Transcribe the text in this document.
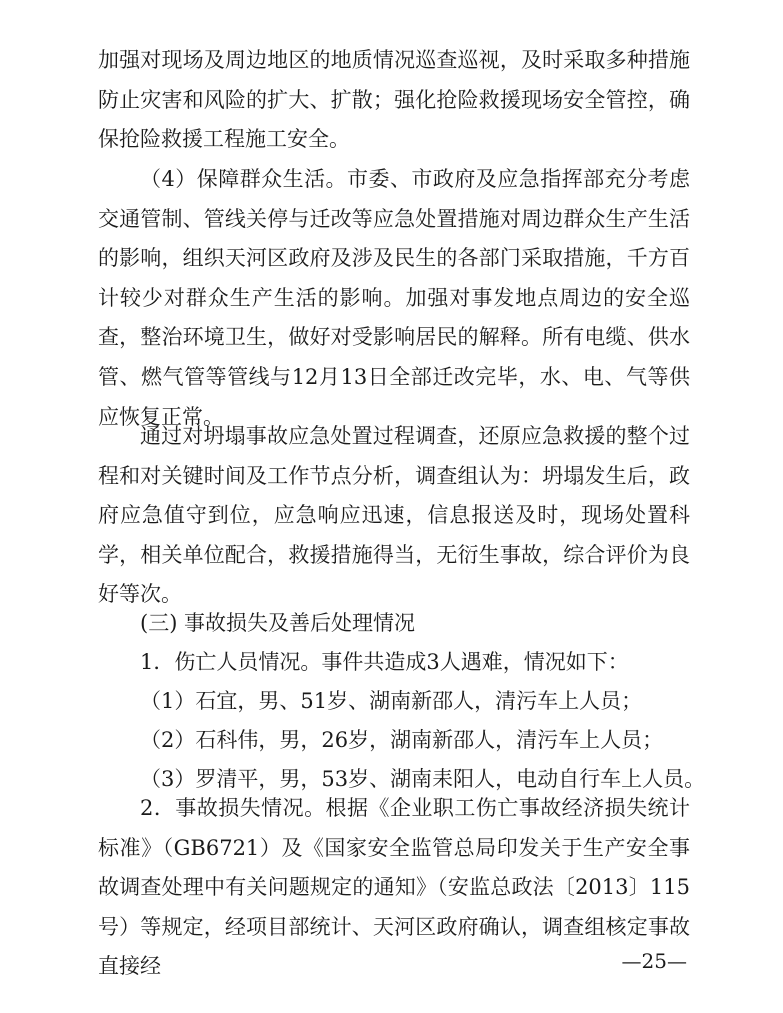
加强对现场及周边地区的地质情况巡查巡视，及时采取多种措施防止灾害和风险的扩大、扩散；强化抢险救援现场安全管控，确保抢险救援工程施工安全。

（4）保障群众生活。市委、市政府及应急指挥部充分考虑交通管制、管线关停与迁改等应急处置措施对周边群众生产生活的影响，组织天河区政府及涉及民生的各部门采取措施，千方百计较少对群众生产生活的影响。加强对事发地点周边的安全巡查，整治环境卫生，做好对受影响居民的解释。所有电缆、供水管、燃气管等管线与12月13日全部迁改完毕，水、电、气等供应恢复正常。

通过对坍塌事故应急处置过程调查，还原应急救援的整个过程和对关键时间及工作节点分析，调查组认为：坍塌发生后，政府应急值守到位，应急响应迅速，信息报送及时，现场处置科学，相关单位配合，救援措施得当，无衍生事故，综合评价为良好等次。

(三) 事故损失及善后处理情况
1．伤亡人员情况。事件共造成3人遇难，情况如下：
（1）石宜，男、51岁、湖南新邵人，清污车上人员；
（2）石科伟，男，26岁，湖南新邵人，清污车上人员；
（3）罗清平，男，53岁、湖南耒阳人，电动自行车上人员。

2．事故损失情况。根据《企业职工伤亡事故经济损失统计标准》（GB6721）及《国家安全监管总局印发关于生产安全事故调查处理中有关问题规定的通知》（安监总政法〔2013〕115号）等规定，经项目部统计、天河区政府确认，调查组核定事故直接经	—25—
